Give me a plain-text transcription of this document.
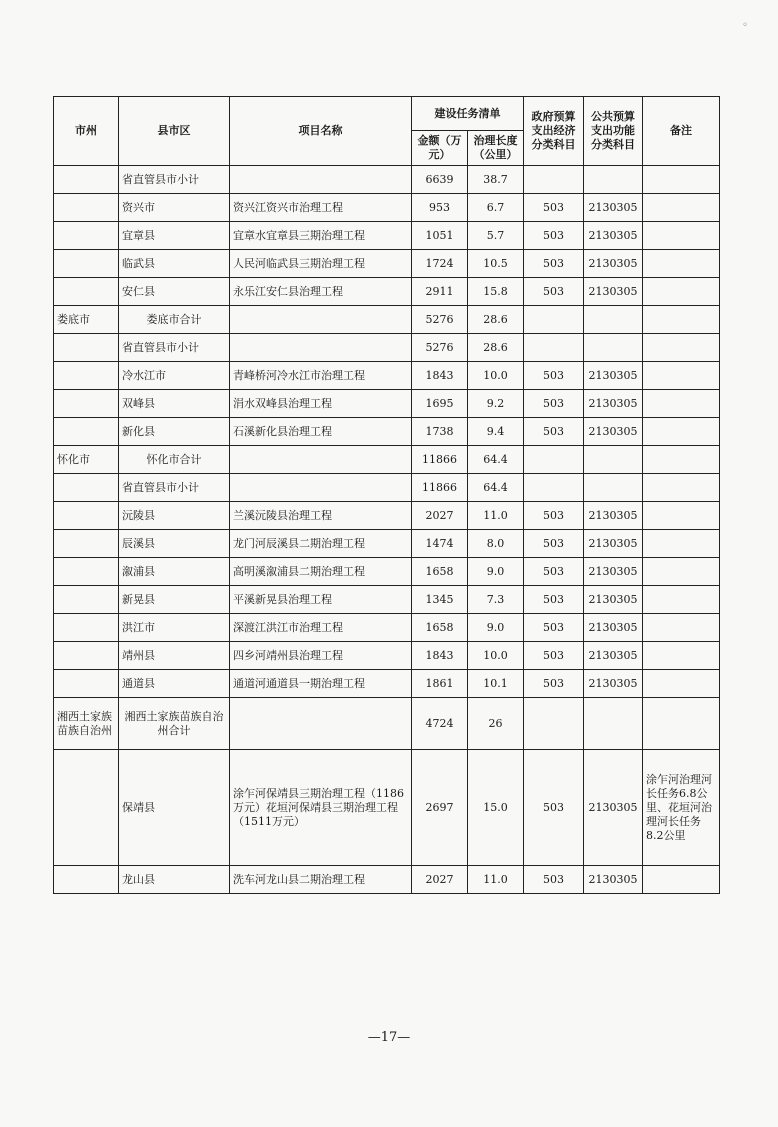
◦
市州	县市区	项目名称	建设任务清单		政府预算支出经济分类科目	公共预算支出功能分类科目	备注
			金额（万元）	治理长度（公里）			
	省直管县市小计		6639	38.7			
	资兴市	资兴江资兴市治理工程	953	6.7	503	2130305	
	宜章县	宜章水宜章县三期治理工程	1051	5.7	503	2130305	
	临武县	人民河临武县三期治理工程	1724	10.5	503	2130305	
	安仁县	永乐江安仁县治理工程	2911	15.8	503	2130305	
娄底市	娄底市合计		5276	28.6			
	省直管县市小计		5276	28.6			
	冷水江市	青峰桥河冷水江市治理工程	1843	10.0	503	2130305	
	双峰县	涓水双峰县治理工程	1695	9.2	503	2130305	
	新化县	石溪新化县治理工程	1738	9.4	503	2130305	
怀化市	怀化市合计		11866	64.4			
	省直管县市小计		11866	64.4			
	沅陵县	兰溪沅陵县治理工程	2027	11.0	503	2130305	
	辰溪县	龙门河辰溪县二期治理工程	1474	8.0	503	2130305	
	溆浦县	高明溪溆浦县二期治理工程	1658	9.0	503	2130305	
	新晃县	平溪新晃县治理工程	1345	7.3	503	2130305	
	洪江市	深渡江洪江市治理工程	1658	9.0	503	2130305	
	靖州县	四乡河靖州县治理工程	1843	10.0	503	2130305	
	通道县	通道河通道县一期治理工程	1861	10.1	503	2130305	
湘西土家族苗族自治州	湘西土家族苗族自治州合计		4724	26			
	保靖县	涂乍河保靖县三期治理工程（1186万元）花垣河保靖县三期治理工程（1511万元）	2697	15.0	503	2130305	涂乍河治理河长任务6.8公里、花垣河治理河长任务8.2公里
	龙山县	洗车河龙山县二期治理工程	2027	11.0	503	2130305	
—17—
